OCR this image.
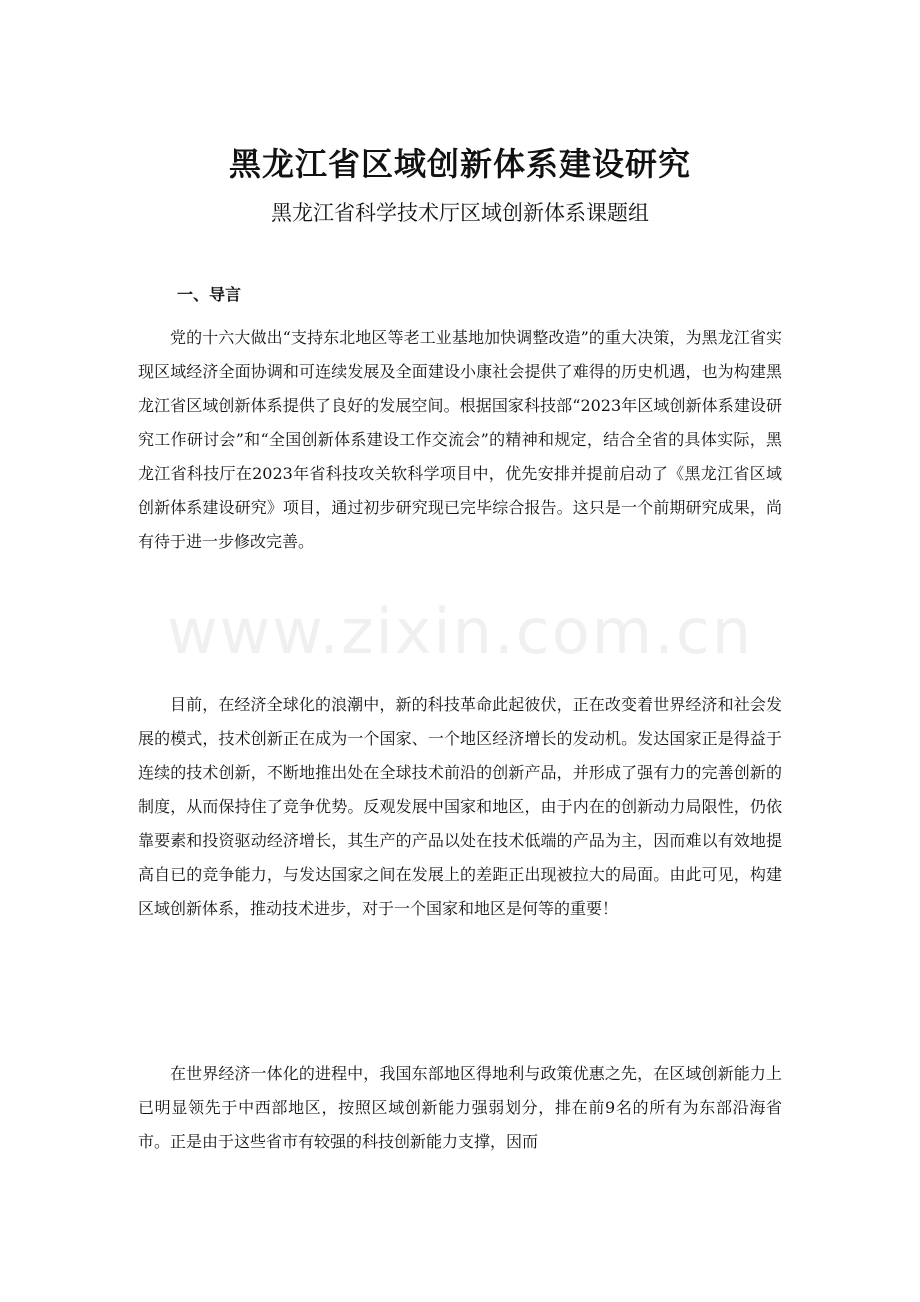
www.zixin.com.cn
黑龙江省区域创新体系建设研究
黑龙江省科学技术厅区域创新体系课题组
一、导言

党的十六大做出“支持东北地区等老工业基地加快调整改造”的重大决策，为黑龙江省实现区域经济全面协调和可连续发展及全面建设小康社会提供了难得的历史机遇，也为构建黑龙江省区域创新体系提供了良好的发展空间。根据国家科技部“2023年区域创新体系建设研究工作研讨会”和“全国创新体系建设工作交流会”的精神和规定，结合全省的具体实际，黑龙江省科技厅在2023年省科技攻关软科学项目中，优先安排并提前启动了《黑龙江省区域创新体系建设研究》项目，通过初步研究现已完毕综合报告。这只是一个前期研究成果，尚有待于进一步修改完善。

目前，在经济全球化的浪潮中，新的科技革命此起彼伏，正在改变着世界经济和社会发展的模式，技术创新正在成为一个国家、一个地区经济增长的发动机。发达国家正是得益于连续的技术创新，不断地推出处在全球技术前沿的创新产品，并形成了强有力的完善创新的制度，从而保持住了竞争优势。反观发展中国家和地区，由于内在的创新动力局限性，仍依靠要素和投资驱动经济增长，其生产的产品以处在技术低端的产品为主，因而难以有效地提高自已的竞争能力，与发达国家之间在发展上的差距正出现被拉大的局面。由此可见，构建区域创新体系，推动技术进步，对于一个国家和地区是何等的重要！

在世界经济一体化的进程中，我国东部地区得地利与政策优惠之先，在区域创新能力上已明显领先于中西部地区，按照区域创新能力强弱划分，排在前9名的所有为东部沿海省市。正是由于这些省市有较强的科技创新能力支撑，因而
